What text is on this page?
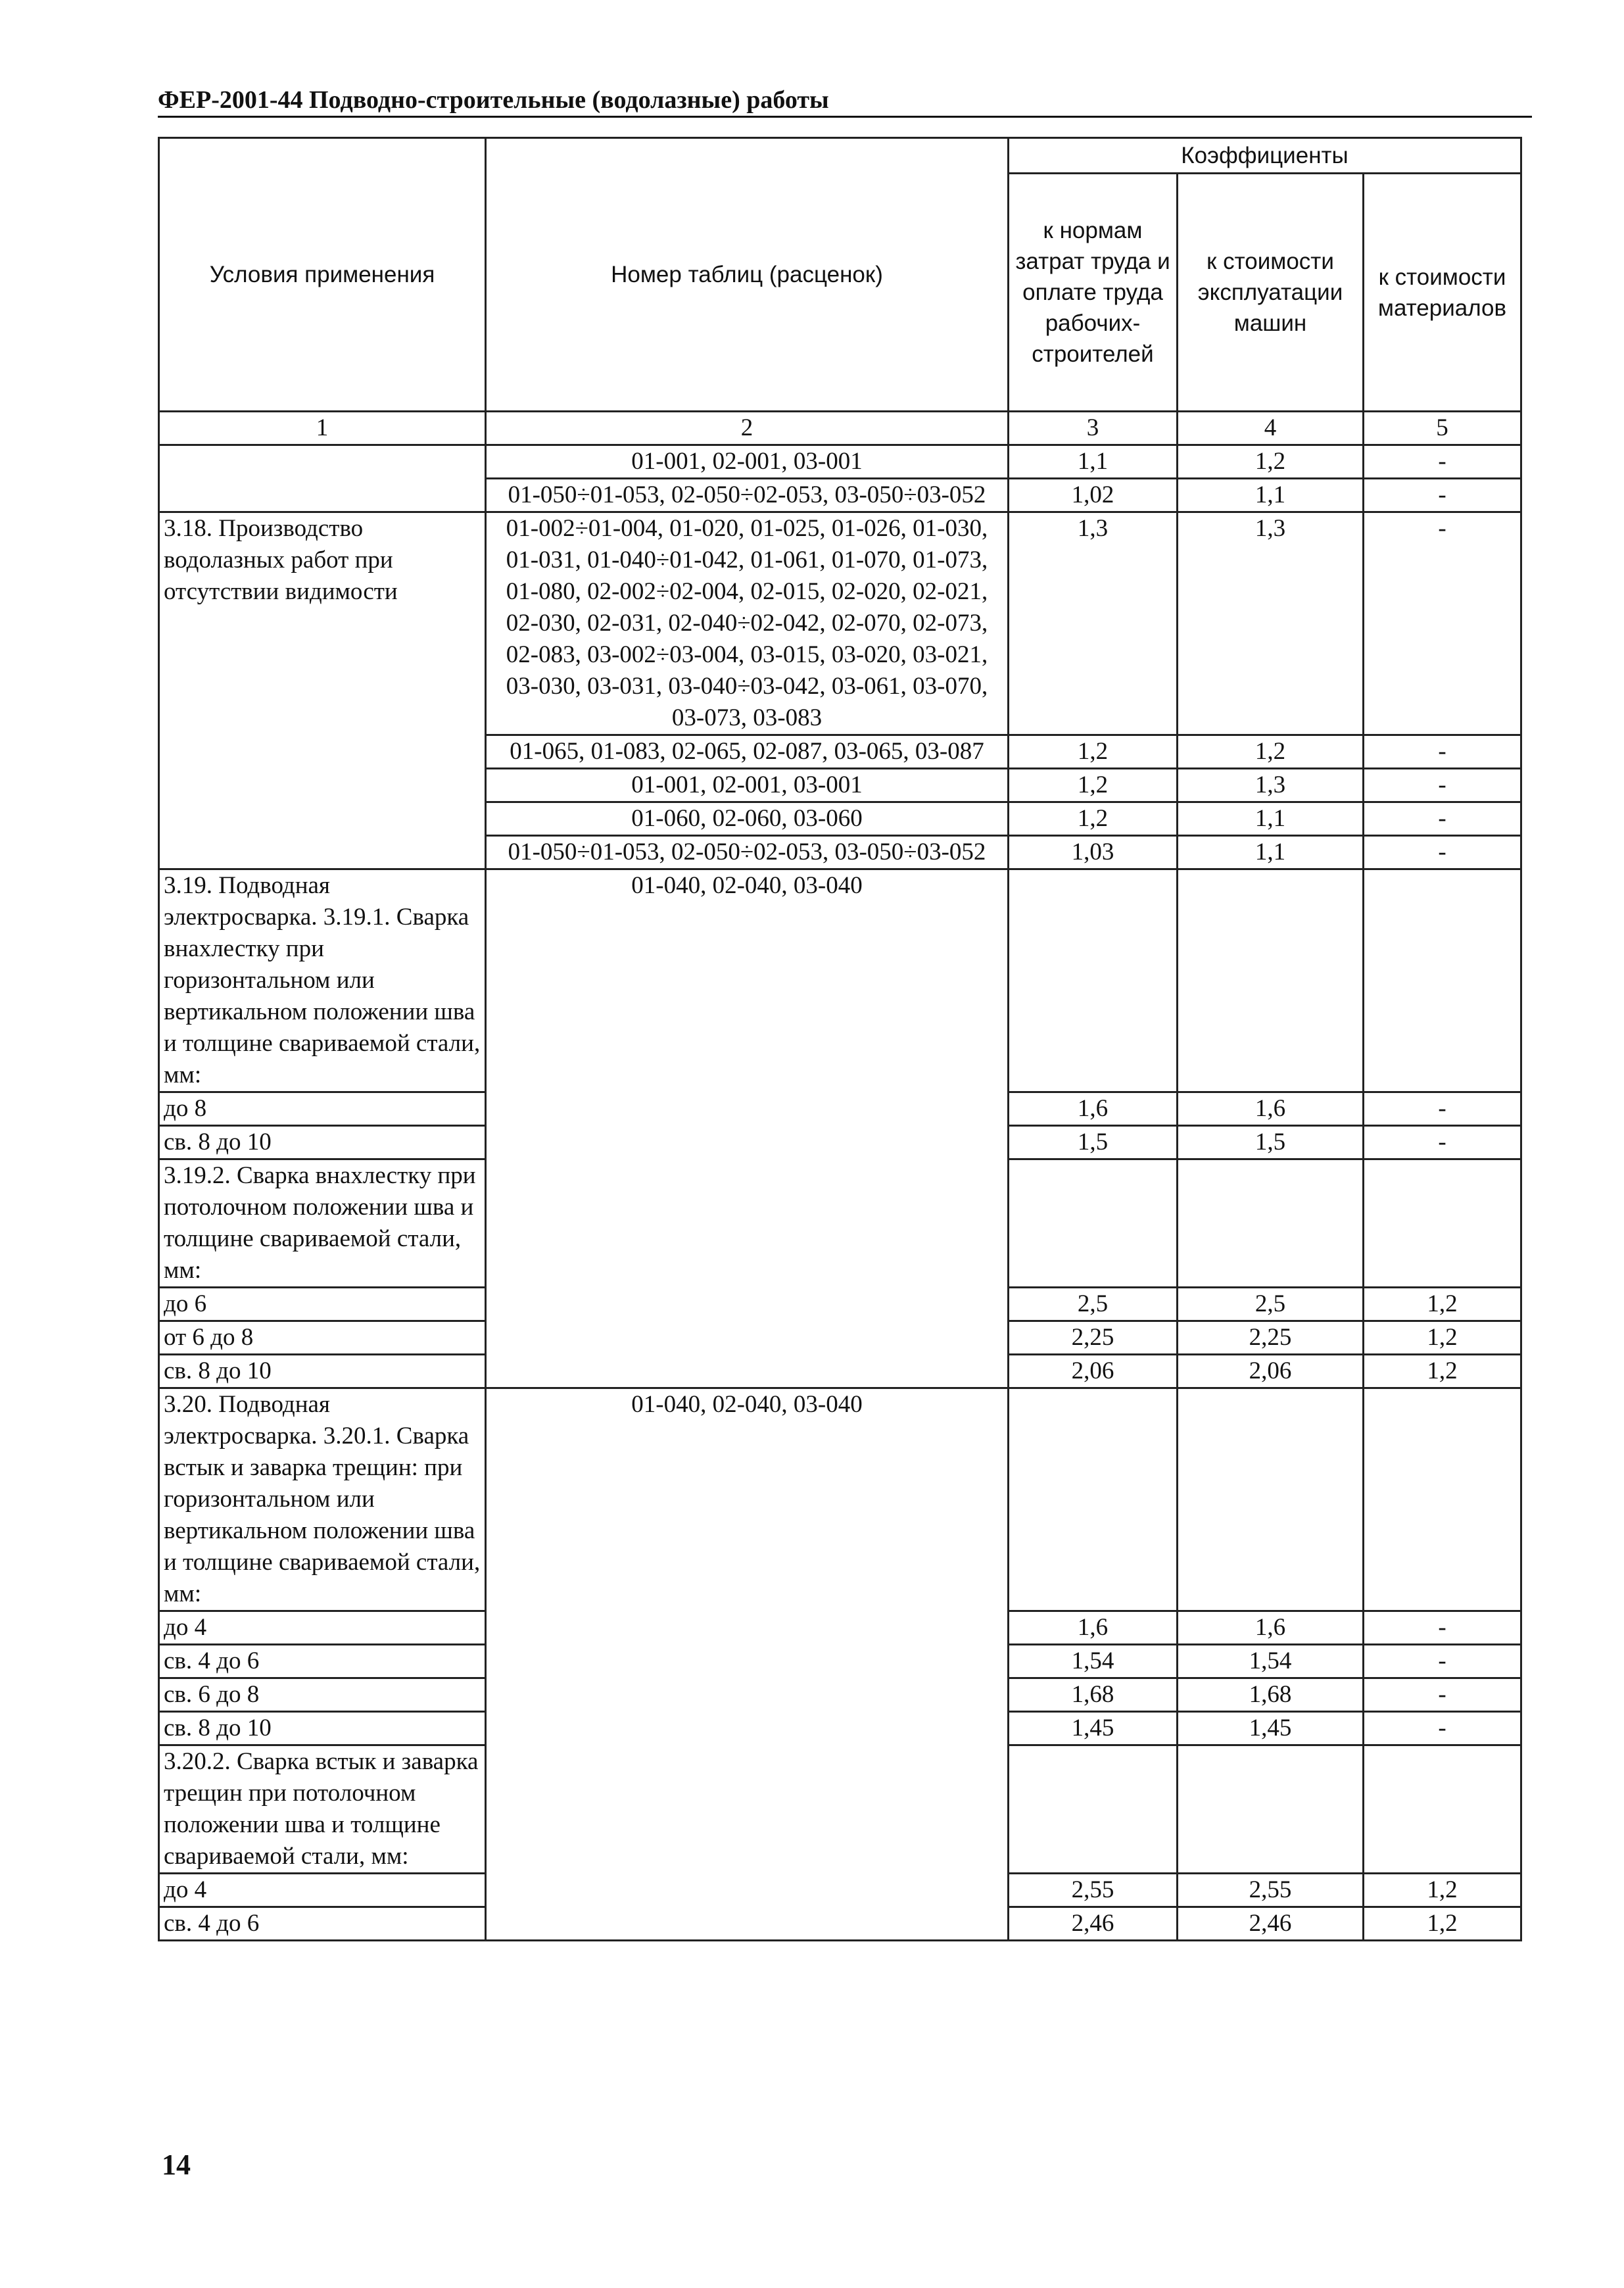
ФЕР-2001-44 Подводно-строительные (водолазные) работы
Условия применения	Номер таблиц (расценок)	Коэффициенты		
		к нормам затрат труда и оплате труда рабочих-строителей	к стоимости эксплуатации машин	к стоимости материалов
1	2	3	4	5
	01-001, 02-001, 03-001	1,1	1,2	-
	01-050÷01-053, 02-050÷02-053, 03-050÷03-052	1,02	1,1	-
3.18. Производство водолазных работ при отсутствии видимости	01-002÷01-004, 01-020, 01-025, 01-026, 01-030, 01-031, 01-040÷01-042, 01-061, 01-070, 01-073, 01-080, 02-002÷02-004, 02-015, 02-020, 02-021, 02-030, 02-031, 02-040÷02-042, 02-070, 02-073, 02-083, 03-002÷03-004, 03-015, 03-020, 03-021, 03-030, 03-031, 03-040÷03-042, 03-061, 03-070, 03-073, 03-083	1,3	1,3	-
	01-065, 01-083, 02-065, 02-087, 03-065, 03-087	1,2	1,2	-
	01-001, 02-001, 03-001	1,2	1,3	-
	01-060, 02-060, 03-060	1,2	1,1	-
	01-050÷01-053, 02-050÷02-053, 03-050÷03-052	1,03	1,1	-
3.19. Подводная электросварка. 3.19.1. Сварка внахлестку при горизонтальном или вертикальном положении шва и толщине свариваемой стали, мм:	01-040, 02-040, 03-040			
до 8		1,6	1,6	-
св. 8 до 10		1,5	1,5	-
3.19.2. Сварка внахлестку при потолочном положении шва и толщине свариваемой стали, мм:				
до 6		2,5	2,5	1,2
от 6 до 8		2,25	2,25	1,2
св. 8 до 10		2,06	2,06	1,2
3.20. Подводная электросварка. 3.20.1. Сварка встык и заварка трещин: при горизонтальном или вертикальном положении шва и толщине свариваемой стали, мм:	01-040, 02-040, 03-040			
до 4		1,6	1,6	-
св. 4 до 6		1,54	1,54	-
св. 6 до 8		1,68	1,68	-
св. 8 до 10		1,45	1,45	-
3.20.2. Сварка встык и заварка трещин при потолочном положении шва и толщине свариваемой стали, мм:				
до 4		2,55	2,55	1,2
св. 4 до 6		2,46	2,46	1,2
14
